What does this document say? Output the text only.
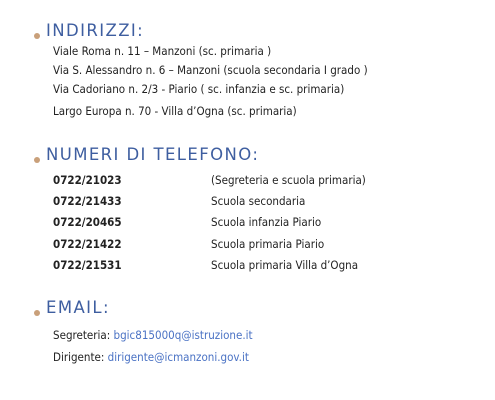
INDIRIZZI:
Viale Roma n. 11 – Manzoni (sc. primaria )
Via S. Alessandro n. 6 – Manzoni (scuola secondaria I grado )
Via Cadoriano n. 2/3 - Piario ( sc. infanzia e sc. primaria)
Largo Europa n. 70 - Villa d’Ogna (sc. primaria)
NUMERI DI TELEFONO:
0722/21023	(Segreteria e scuola primaria)
0722/21433	Scuola secondaria
0722/20465	Scuola infanzia Piario
0722/21422	Scuola primaria Piario
0722/21531	Scuola primaria Villa d’Ogna
EMAIL:
Segreteria: bgic815000q@istruzione.it
Dirigente: dirigente@icmanzoni.gov.it
